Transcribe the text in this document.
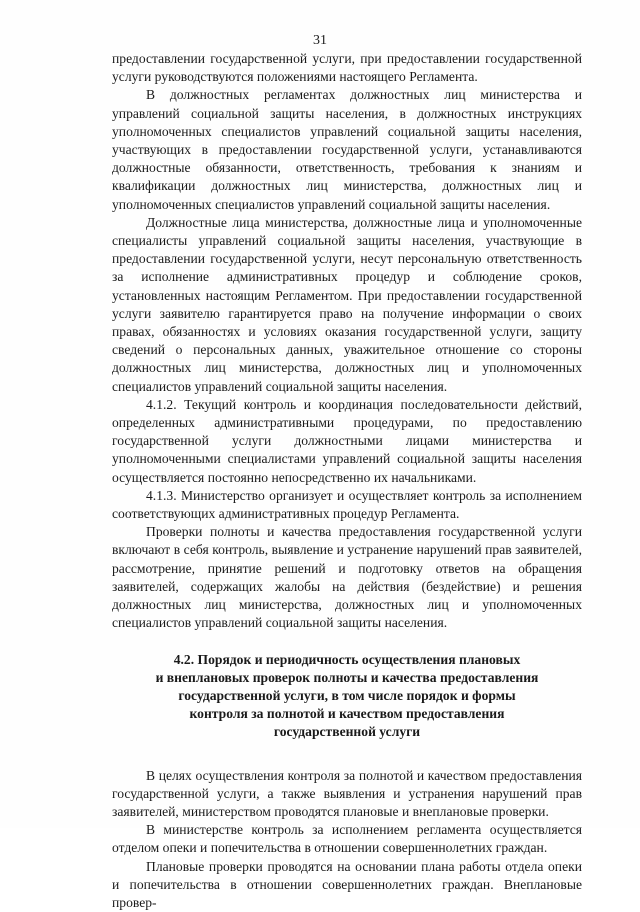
31

предоставлении государственной услуги, при предоставлении государственной услуги руководствуются положениями настоящего Регламента.

В должностных регламентах должностных лиц министерства и управлений социальной защиты населения, в должностных инструкциях уполномоченных специалистов управлений социальной защиты населения, участвующих в предоставлении государственной услуги, устанавливаются должностные обязанности, ответственность, требования к знаниям и квалификации должностных лиц министерства, должностных лиц и уполномоченных специалистов управлений социальной защиты населения.

Должностные лица министерства, должностные лица и уполномоченные специалисты управлений социальной защиты населения, участвующие в предоставлении государственной услуги, несут персональную ответственность за исполнение административных процедур и соблюдение сроков, установленных настоящим Регламентом. При предоставлении государственной услуги заявителю гарантируется право на получение информации о своих правах, обязанностях и условиях оказания государственной услуги, защиту сведений о персональных данных, уважительное отношение со стороны должностных лиц министерства, должностных лиц и уполномоченных специалистов управлений социальной защиты населения.

4.1.2. Текущий контроль и координация последовательности действий, определенных административными процедурами, по предоставлению государственной услуги должностными лицами министерства и уполномоченными специалистами управлений социальной защиты населения осуществляется постоянно непосредственно их начальниками.

4.1.3. Министерство организует и осуществляет контроль за исполнением соответствующих административных процедур Регламента.

Проверки полноты и качества предоставления государственной услуги включают в себя контроль, выявление и устранение нарушений прав заявителей, рассмотрение, принятие решений и подготовку ответов на обращения заявителей, содержащих жалобы на действия (бездействие) и решения должностных лиц министерства, должностных лиц и уполномоченных специалистов управлений социальной защиты населения.

4.2. Порядок и периодичность осуществления плановых
и внеплановых проверок полноты и качества предоставления
государственной услуги, в том числе порядок и формы
контроля за полнотой и качеством предоставления
государственной услуги

В целях осуществления контроля за полнотой и качеством предоставления государственной услуги, а также выявления и устранения нарушений прав заявителей, министерством проводятся плановые и внеплановые проверки.

В министерстве контроль за исполнением регламента осуществляется отделом опеки и попечительства в отношении совершеннолетних граждан.

Плановые проверки проводятся на основании плана работы отдела опеки и попечительства в отношении совершеннолетних граждан. Внеплановые провер-
